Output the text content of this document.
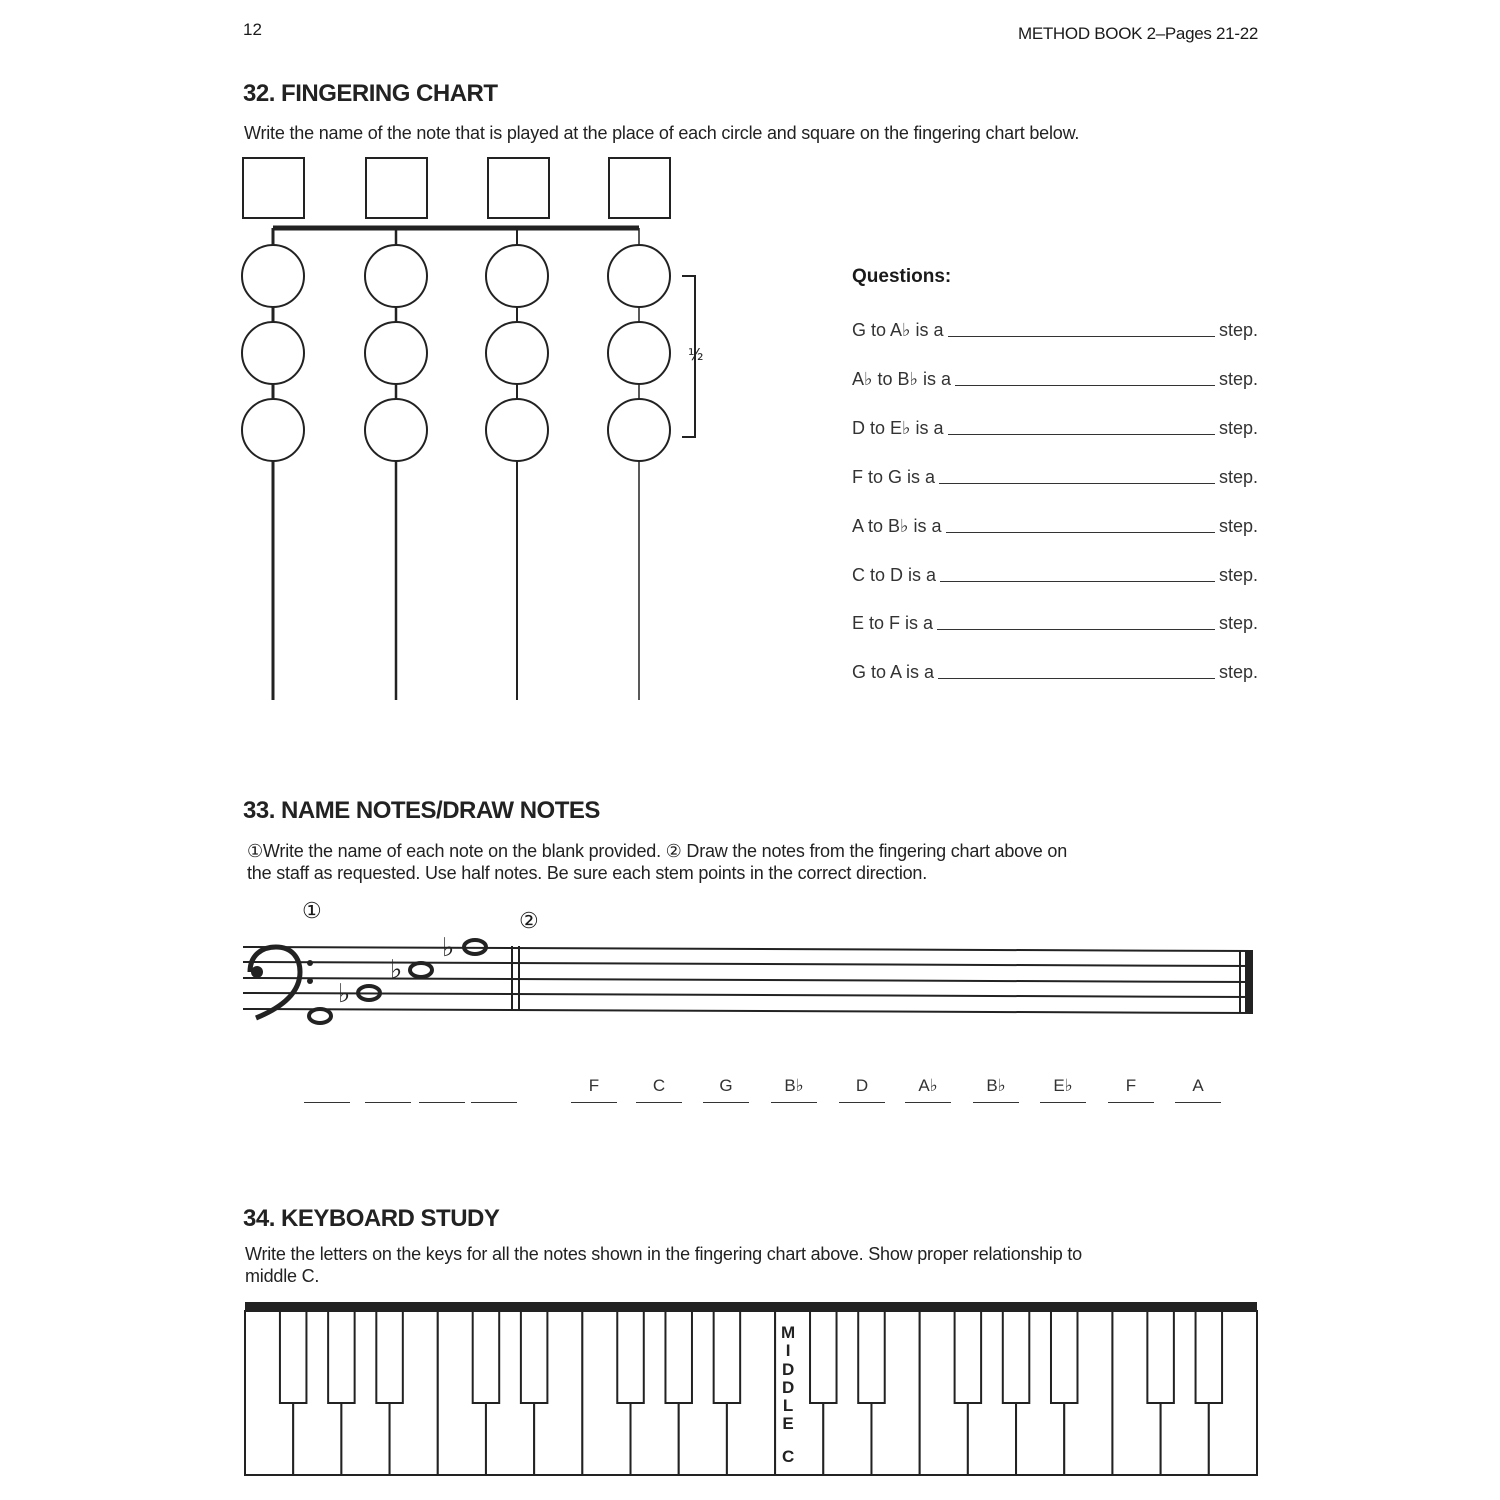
12	METHOD BOOK 2–Pages 21-22
32. FINGERING CHART
Write the name of the note that is played at the place of each circle and square on the fingering chart below.
½
Questions:
G to A♭ is a	step.
A♭ to B♭ is a	step.
D to E♭ is a	step.
F to G is a	step.
A to B♭ is a	step.
C to D is a	step.
E to F is a	step.
G to A is a	step.
33. NAME NOTES/DRAW NOTES
①Write the name of each note on the blank provided. ② Draw the notes from the fingering chart above on
the staff as requested. Use half notes. Be sure each stem points in the correct direction.
①	②
♭
♭
♭
F	C	G	B♭	D	A♭	B♭	E♭	F	A
34. KEYBOARD STUDY
Write the letters on the keys for all the notes shown in the fingering chart above. Show proper relationship to
middle C.
M
I
D
D
L
E
C
